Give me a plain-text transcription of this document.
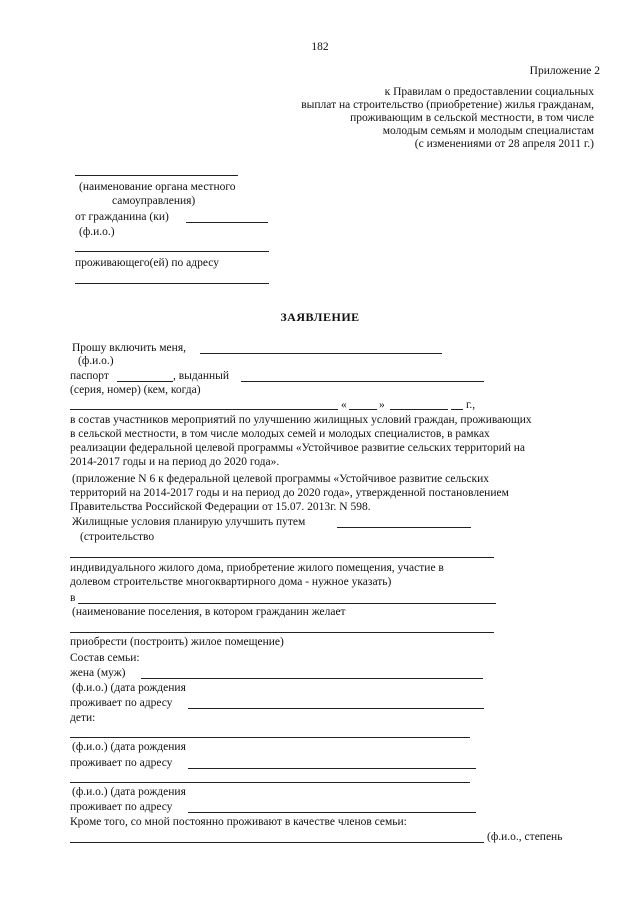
182
Приложение 2
к Правилам о предоставлении социальных
выплат на строительство (приобретение) жилья гражданам,
проживающим в сельской местности, в том числе
молодым семьям и молодым специалистам
(с изменениями от 28 апреля 2011 г.)
(наименование органа местного
самоуправления)
от гражданина (ки)
(ф.и.о.)
проживающего(ей) по адресу
ЗАЯВЛЕНИЕ
Прошу включить меня,
(ф.и.о.)
паспорт	, выданный
(серия, номер) (кем, когда)
«	»	г.,
в состав участников мероприятий по улучшению жилищных условий граждан, проживающих
в сельской местности, в том числе молодых семей и молодых специалистов, в рамках
реализации федеральной целевой программы «Устойчивое развитие сельских территорий на
2014-2017 годы и на период до 2020 года».
(приложение N 6 к федеральной целевой программы «Устойчивое развитие сельских
территорий на 2014-2017 годы и на период до 2020 года», утвержденной постановлением
Правительства Российской Федерации от 15.07. 2013г. N 598.
Жилищные условия планирую улучшить путем
(строительство
индивидуального жилого дома, приобретение жилого помещения, участие в
долевом строительстве многоквартирного дома - нужное указать)
в
(наименование поселения, в котором гражданин желает
приобрести (построить) жилое помещение)
Состав семьи:
жена (муж)
(ф.и.о.) (дата рождения
проживает по адресу
дети:
(ф.и.о.) (дата рождения
проживает по адресу
(ф.и.о.) (дата рождения
проживает по адресу
Кроме того, со мной постоянно проживают в качестве членов семьи:
(ф.и.о., степень
